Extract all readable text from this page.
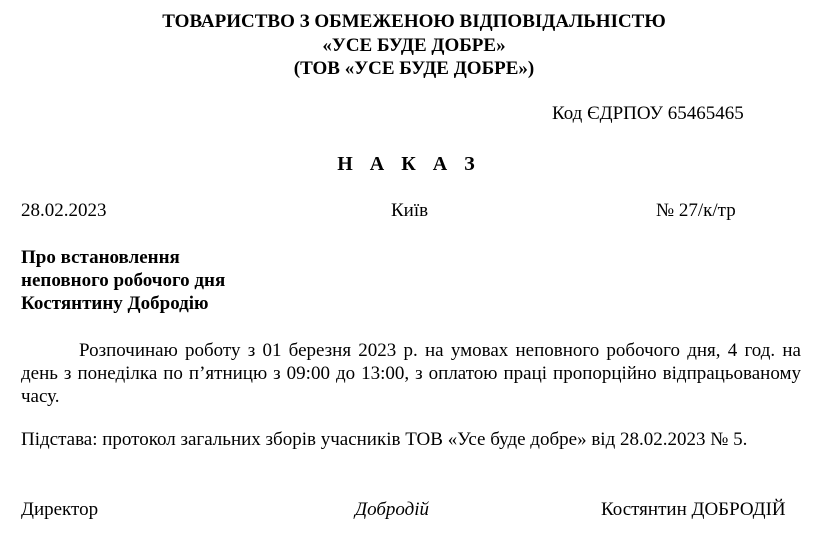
ТОВАРИСТВО З ОБМЕЖЕНОЮ ВІДПОВІДАЛЬНІСТЮ
«УСЕ БУДЕ ДОБРЕ»
(ТОВ «УСЕ БУДЕ ДОБРЕ»)
Код ЄДРПОУ 65465465
Н А К А З
28.02.2023	Київ	№ 27/к/тр
Про встановлення
неповного робочого дня
Костянтину Добродію
Розпочинаю роботу з 01 березня 2023 р. на умовах неповного робочого дня, 4 год. на день з понеділка по п’ятницю з 09:00 до 13:00, з оплатою праці пропорційно відпрацьованому часу.
Підстава: протокол загальних зборів учасників ТОВ «Усе буде добре» від 28.02.2023 № 5.
Директор	Добродій	Костянтин ДОБРОДІЙ
